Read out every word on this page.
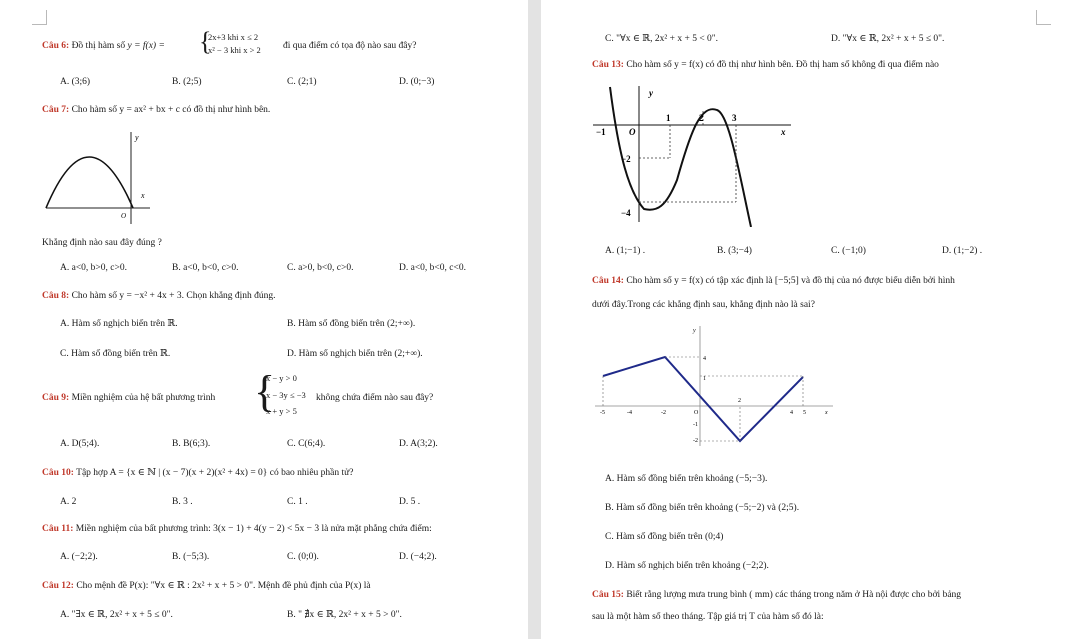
Câu 6: Đồ thị hàm số y = f(x) = {
2x+3 khi x ≤ 2
x² − 3 khi x > 2 đi qua điểm có tọa độ nào sau đây?
A. (3;6)	B. (2;5)	C. (2;1)	D. (0;−3)
Câu 7: Cho hàm số y = ax² + bx + c có đồ thị như hình bên.
y
x
O
Khẳng định nào sau đây đúng ?
A. a<0, b>0, c>0.	B. a<0, b<0, c>0.	C. a>0, b<0, c>0.	D. a<0, b<0, c<0.
Câu 8: Cho hàm số y = −x² + 4x + 3. Chọn khẳng định đúng.
A. Hàm số nghịch biến trên ℝ.	B. Hàm số đồng biến trên (2;+∞).
C. Hàm số đồng biến trên ℝ.	D. Hàm số nghịch biến trên (2;+∞).
Câu 9: Miền nghiệm của hệ bất phương trình {
x − y > 0
x − 3y ≤ −3
x + y > 5
không chứa điểm nào sau đây?
A. D(5;4).	B. B(6;3).	C. C(6;4).	D. A(3;2).
Câu 10: Tập hợp A = {x ∈ ℕ | (x − 7)(x + 2)(x² + 4x) = 0} có bao nhiêu phần tử?
A. 2	B. 3 .	C. 1 .	D. 5 .
Câu 11: Miền nghiệm của bất phương trình: 3(x − 1) + 4(y − 2) < 5x − 3 là nửa mặt phẳng chứa điểm:
A. (−2;2).	B. (−5;3).	C. (0;0).	D. (−4;2).
Câu 12: Cho mệnh đề P(x): "∀x ∈ ℝ : 2x² + x + 5 > 0". Mệnh đề phủ định của P(x) là
A. "∃x ∈ ℝ, 2x² + x + 5 ≤ 0".	B. " ∄x ∈ ℝ, 2x² + x + 5 > 0".
C. "∀x ∈ ℝ, 2x² + x + 5 < 0".	D. "∀x ∈ ℝ, 2x² + x + 5 ≤ 0".
Câu 13: Cho hàm số y = f(x) có đồ thị như hình bên. Đồ thị ham số không đi qua điểm nào
y
x
O
−1
1	2	3
−2
−4
A. (1;−1) .	B. (3;−4)	C. (−1;0)	D. (1;−2) .
Câu 14: Cho hàm số y = f(x) có tập xác định là [−5;5] và đồ thị của nó được biểu diễn bởi hình
dưới đây.Trong các khẳng định sau, khẳng định nào là sai?
y
x
O
-5	-4	-2
2
4 5
4
1
-1
-2
A. Hàm số đồng biến trên khoảng (−5;−3).
B. Hàm số đồng biến trên khoảng (−5;−2) và (2;5).
C. Hàm số đồng biến trên (0;4)
D. Hàm số nghịch biến trên khoảng (−2;2).
Câu 15: Biết rằng lượng mưa trung bình ( mm) các tháng trong năm ở Hà nội được cho bởi bảng
sau là một hàm số theo tháng. Tập giá trị T của hàm số đó là:
